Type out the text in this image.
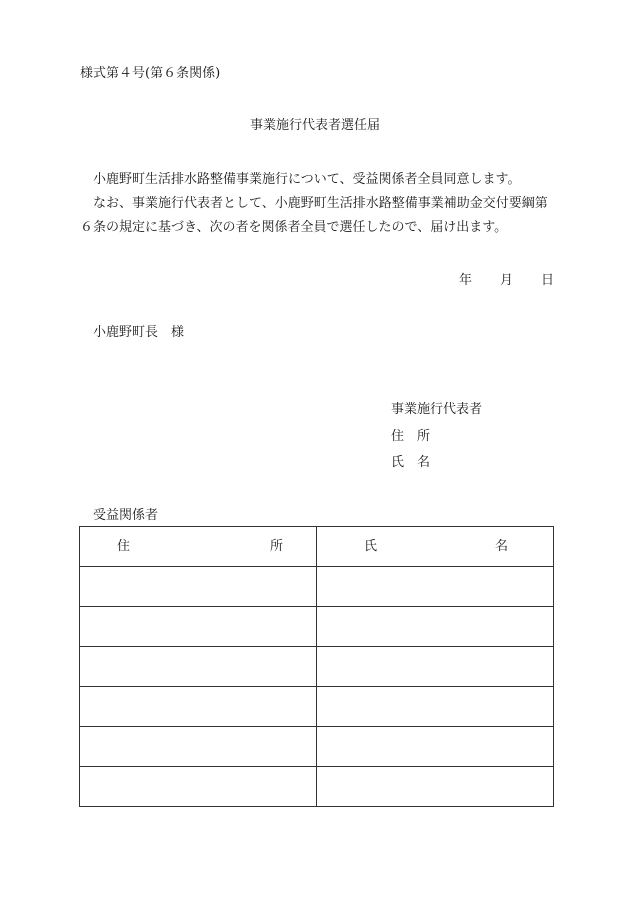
様式第４号(第６条関係)
事業施行代表者選任届

小鹿野町生活排水路整備事業施行について、受益関係者全員同意します。

なお、事業施行代表者として、小鹿野町生活排水路整備事業補助金交付要綱第６条の規定に基づき、次の者を関係者全員で選任したので、届け出ます。

年 月 日
小鹿野町長　様
事業施行代表者
住　所
氏　名
受益関係者
住 所	氏 名
